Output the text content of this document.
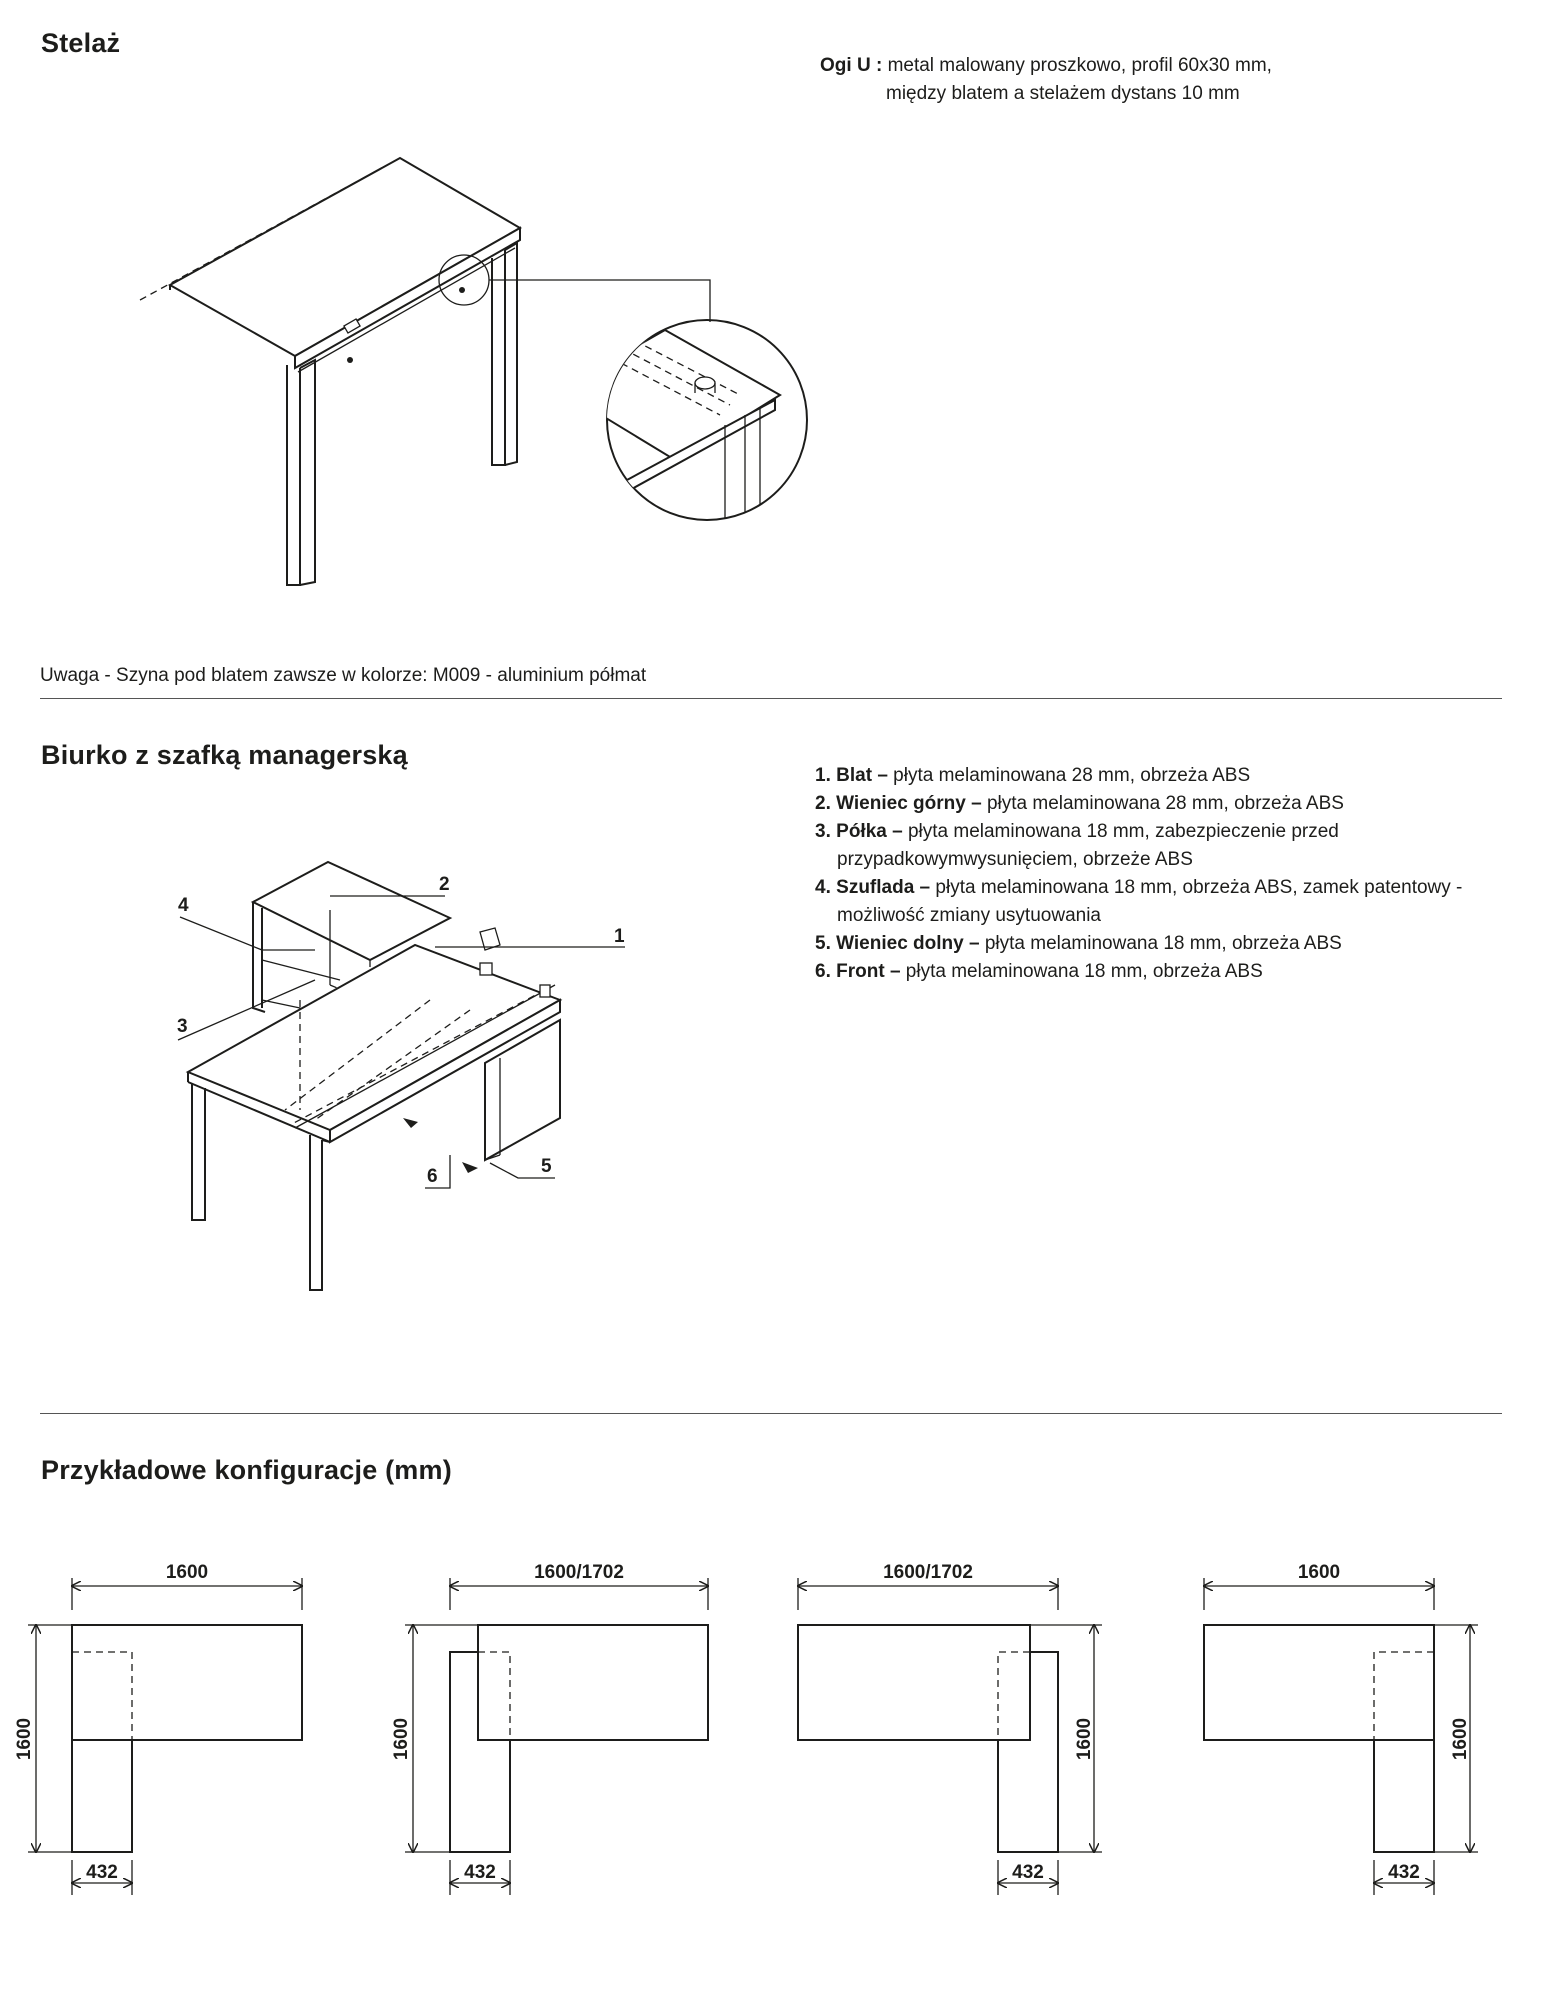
Stelaż
Ogi U : metal malowany proszkowo, profil 60x30 mm,
między blatem a stelażem dystans 10 mm
Uwaga - Szyna pod blatem zawsze w kolorze: M009 - aluminium półmat
Biurko z szafką managerską
1. Blat – płyta melaminowana 28 mm, obrzeża ABS
2. Wieniec górny – płyta melaminowana 28 mm, obrzeża ABS
3. Półka – płyta melaminowana 18 mm, zabezpieczenie przed przypadkowymwysunięciem, obrzeże ABS
4. Szuflada – płyta melaminowana 18 mm, obrzeża ABS, zamek patentowy - możliwość zmiany usytuowania
5. Wieniec dolny – płyta melaminowana 18 mm, obrzeża ABS
6. Front – płyta melaminowana 18 mm, obrzeża ABS
1
2
3
4
5
6
Przykładowe konfiguracje (mm)
1600
1600
432
1600/1702
1600
432
1600/1702
1600
432
1600
1600
432
